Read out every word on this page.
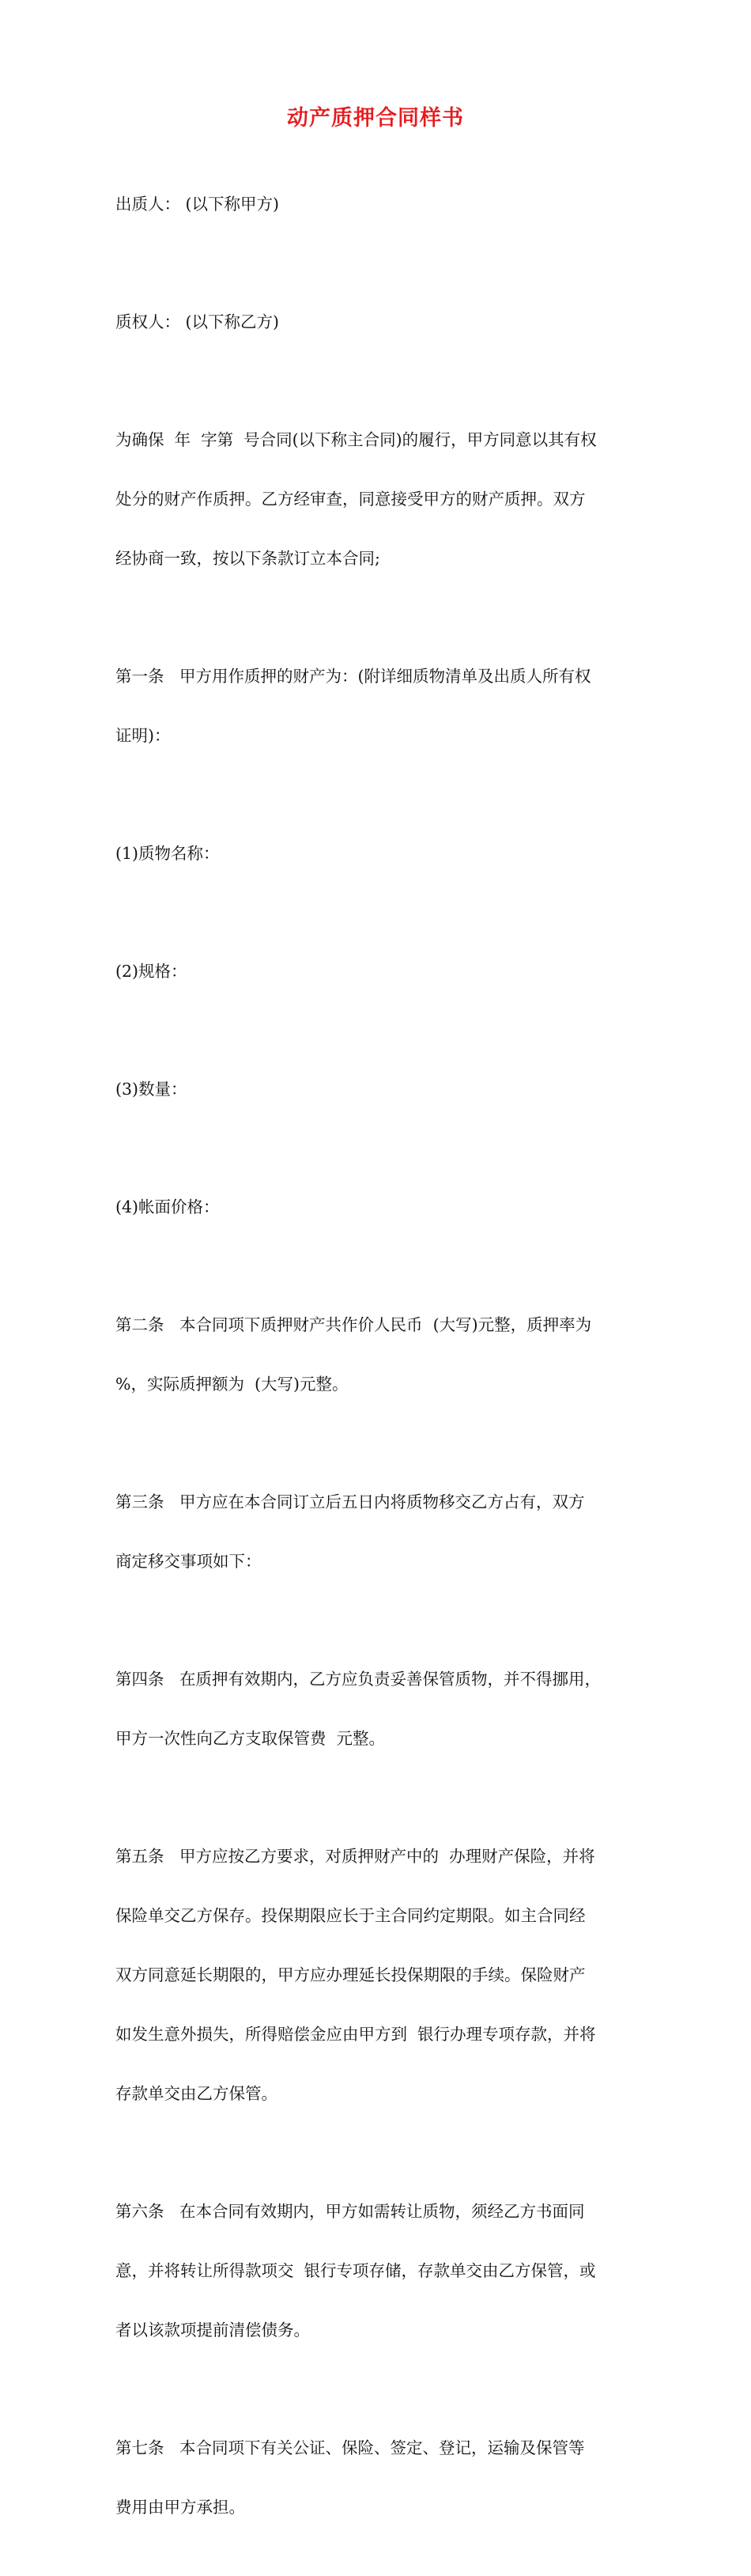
动产质押合同样书

出质人： (以下称甲方)

质权人： (以下称乙方)

为确保  年  字第  号合同(以下称主合同)的履行，甲方同意以其有权

处分的财产作质押。乙方经审查，同意接受甲方的财产质押。双方

经协商一致，按以下条款订立本合同;

第一条   甲方用作质押的财产为：(附详细质物清单及出质人所有权

证明)：

(1)质物名称：

(2)规格：

(3)数量：

(4)帐面价格：

第二条   本合同项下质押财产共作价人民币  (大写)元整，质押率为

%，实际质押额为  (大写)元整。

第三条   甲方应在本合同订立后五日内将质物移交乙方占有，双方

商定移交事项如下：

第四条   在质押有效期内，乙方应负责妥善保管质物，并不得挪用，

甲方一次性向乙方支取保管费  元整。

第五条   甲方应按乙方要求，对质押财产中的  办理财产保险，并将

保险单交乙方保存。投保期限应长于主合同约定期限。如主合同经

双方同意延长期限的，甲方应办理延长投保期限的手续。保险财产

如发生意外损失，所得赔偿金应由甲方到  银行办理专项存款，并将

存款单交由乙方保管。

第六条   在本合同有效期内，甲方如需转让质物，须经乙方书面同

意，并将转让所得款项交  银行专项存储，存款单交由乙方保管，或

者以该款项提前清偿债务。

第七条   本合同项下有关公证、保险、签定、登记，运输及保管等

费用由甲方承担。
